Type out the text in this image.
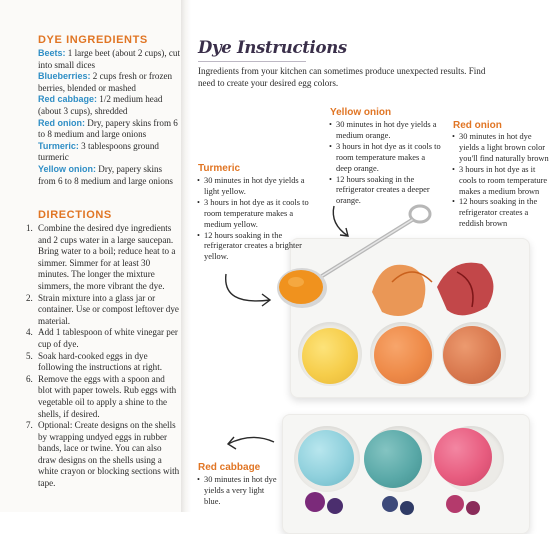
DYE INGREDIENTS

Beets: 1 large beet (about 2 cups), cut into small dices

Blueberries: 2 cups fresh or frozen berries, blended or mashed

Red cabbage: 1/2 medium head (about 3 cups), shredded

Red onion: Dry, papery skins from 6 to 8 medium and large onions

Turmeric: 3 tablespoons ground turmeric

Yellow onion: Dry, papery skins from 6 to 8 medium and large onions

DIRECTIONS
1. Combine the desired dye ingredients and 2 cups water in a large saucepan. Bring water to a boil; reduce heat to a simmer. Simmer for at least 30 minutes. The longer the mixture simmers, the more vibrant the dye.
2. Strain mixture into a glass jar or container. Use or compost leftover dye material.
4. Add 1 tablespoon of white vinegar per cup of dye.
5. Soak hard-cooked eggs in dye following the instructions at right.
6. Remove the eggs with a spoon and blot with paper towels. Rub eggs with vegetable oil to apply a shine to the shells, if desired.
7. Optional: Create designs on the shells by wrapping undyed eggs in rubber bands, lace or twine. You can also draw designs on the shells using a white crayon or blocking sections with tape.
Dye Instructions

Ingredients from your kitchen can sometimes produce unexpected results. Find
need to create your desired egg colors.

Yellow onion
• 30 minutes in hot dye yields a medium orange.
• 3 hours in hot dye as it cools to room temperature makes a deep orange.
• 12 hours soaking in the refrigerator creates a deeper orange.
Red onion
• 30 minutes in hot dye yields a light brown color you'll find naturally brown
• 3 hours in hot dye as it cools to room temperature makes a medium brown
• 12 hours soaking in the refrigerator creates a reddish brown
Turmeric
• 30 minutes in hot dye yields a light yellow.
• 3 hours in hot dye as it cools to room temperature makes a medium yellow.
• 12 hours soaking in the refrigerator creates a brighter yellow.
Red cabbage
• 30 minutes in hot dye yields a very light blue.
